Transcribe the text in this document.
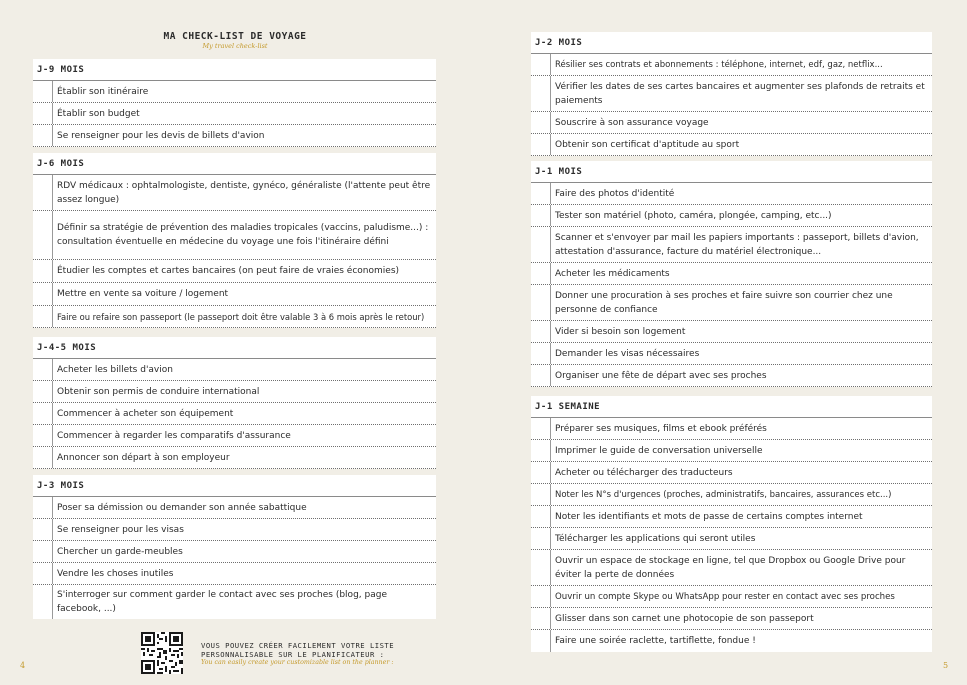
MA CHECK-LIST DE VOYAGE
My travel check-list
J-9 MOIS
Établir son itinéraire
Établir son budget
Se renseigner pour les devis de billets d'avion
J-6 MOIS
RDV médicaux : ophtalmologiste, dentiste, gynéco, généraliste (l'attente peut être assez longue)
Définir sa stratégie de prévention des maladies tropicales (vaccins, paludisme...) : consultation éventuelle en médecine du voyage une fois l'itinéraire défini
Étudier les comptes et cartes bancaires (on peut faire de vraies économies)
Mettre en vente sa voiture / logement
Faire ou refaire son passeport (le passeport doit être valable 3 à 6 mois après le retour)
J-4-5 MOIS
Acheter les billets d'avion
Obtenir son permis de conduire international
Commencer à acheter son équipement
Commencer à regarder les comparatifs d'assurance
Annoncer son départ à son employeur
J-3 MOIS
Poser sa démission ou demander son année sabattique
Se renseigner pour les visas
Chercher un garde-meubles
Vendre les choses inutiles
S'interroger sur comment garder le contact avec ses proches (blog, page facebook, ...)
VOUS POUVEZ CRÉER FACILEMENT VOTRE LISTE
PERSONNALISABLE SUR LE PLANIFICATEUR :
You can easily create your customizable list on the planner :
4
J-2 MOIS
Résilier ses contrats et abonnements : téléphone, internet, edf, gaz, netflix...
Vérifier les dates de ses cartes bancaires et augmenter ses plafonds de retraits et paiements
Souscrire à son assurance voyage
Obtenir son certificat d'aptitude au sport
J-1 MOIS
Faire des photos d'identité
Tester son matériel (photo, caméra, plongée, camping, etc...)
Scanner et s'envoyer par mail les papiers importants : passeport, billets d'avion, attestation d'assurance, facture du matériel électronique...
Acheter les médicaments
Donner une procuration à ses proches et faire suivre son courrier chez une personne de confiance
Vider si besoin son logement
Demander les visas nécessaires
Organiser une fête de départ avec ses proches
J-1 SEMAINE
Préparer ses musiques, films et ebook préférés
Imprimer le guide de conversation universelle
Acheter ou télécharger des traducteurs
Noter les N°s d'urgences (proches, administratifs, bancaires, assurances etc...)
Noter les identifiants et mots de passe de certains comptes internet
Télécharger les applications qui seront utiles
Ouvrir un espace de stockage en ligne, tel que Dropbox ou Google Drive pour éviter la perte de données
Ouvrir un compte Skype ou WhatsApp pour rester en contact avec ses proches
Glisser dans son carnet une photocopie de son passeport
Faire une soirée raclette, tartiflette, fondue !
5
